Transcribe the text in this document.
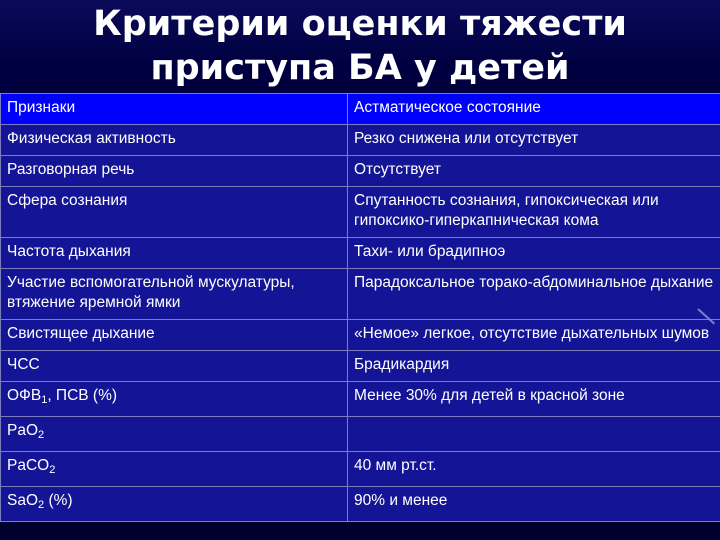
Критерии оценки тяжести
приступа БА у детей
Признаки	Астматическое состояние
Физическая активность	Резко снижена или отсутствует
Разговорная речь	Отсутствует
Сфера сознания	Спутанность сознания, гипоксическая или гипоксико-гиперкапническая кома
Частота дыхания	Тахи- или брадипноэ
Участие вспомогательной мускулатуры, втяжение яремной ямки	Парадоксальное торако-абдоминальное дыхание
Свистящее дыхание	«Немое» легкое, отсутствие дыхательных шумов
ЧСС	Брадикардия
$ОФВ_1$, ПСВ (%)	Менее 30% для детей в красной зоне
PaO$_2$	
PaCO$_2$	40 мм рт.ст.
SaO$_2$ (%)	90% и менее
